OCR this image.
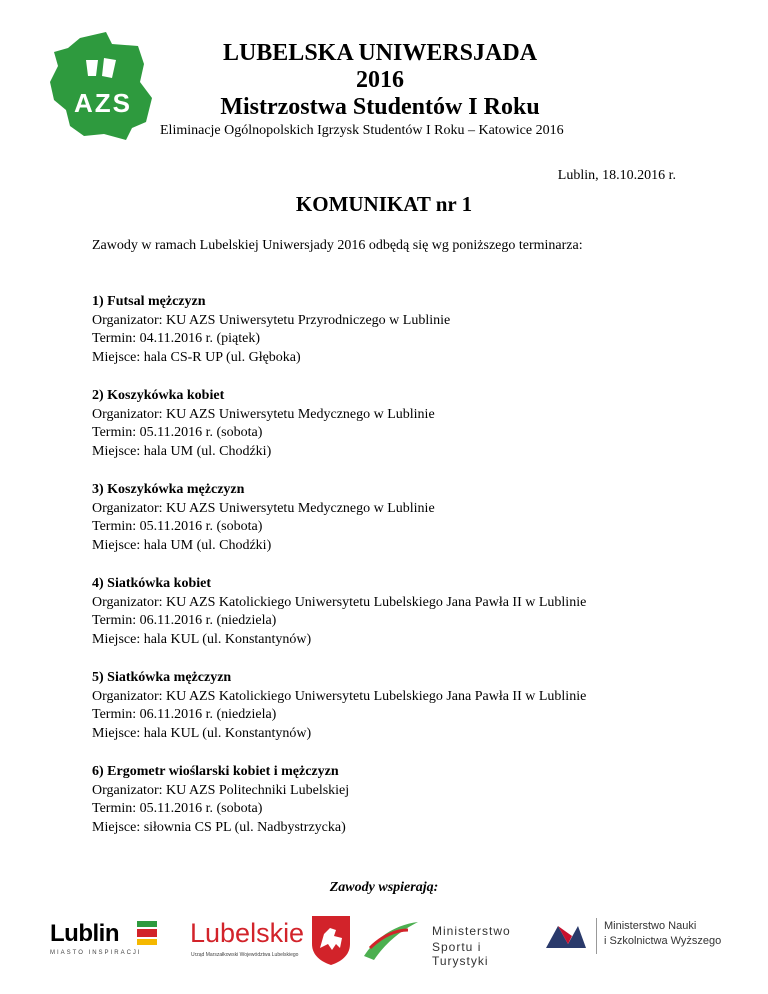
AZS
LUBELSKA UNIWERSJADA
2016
Mistrzostwa Studentów I Roku
Eliminacje Ogólnopolskich Igrzysk Studentów I Roku – Katowice 2016
Lublin, 18.10.2016 r.
KOMUNIKAT nr 1
Zawody w ramach Lubelskiej Uniwersjady 2016 odbędą się wg poniższego terminarza:
1) Futsal mężczyzn
Organizator: KU AZS Uniwersytetu Przyrodniczego w Lublinie
Termin: 04.11.2016 r. (piątek)
Miejsce: hala CS-R UP (ul. Głęboka)
2) Koszykówka kobiet
Organizator: KU AZS Uniwersytetu Medycznego w Lublinie
Termin: 05.11.2016 r. (sobota)
Miejsce: hala UM (ul. Chodźki)
3) Koszykówka mężczyzn
Organizator: KU AZS Uniwersytetu Medycznego w Lublinie
Termin: 05.11.2016 r. (sobota)
Miejsce: hala UM (ul. Chodźki)
4) Siatkówka kobiet
Organizator: KU AZS Katolickiego Uniwersytetu Lubelskiego Jana Pawła II w Lublinie
Termin: 06.11.2016 r. (niedziela)
Miejsce: hala KUL (ul. Konstantynów)
5) Siatkówka mężczyzn
Organizator: KU AZS Katolickiego Uniwersytetu Lubelskiego Jana Pawła II w Lublinie
Termin: 06.11.2016 r. (niedziela)
Miejsce: hala KUL (ul. Konstantynów)
6) Ergometr wioślarski kobiet i mężczyzn
Organizator: KU AZS Politechniki Lubelskiej
Termin: 05.11.2016 r. (sobota)
Miejsce: siłownia CS PL (ul. Nadbystrzycka)
Zawody wspierają:
Lublin
MIASTO INSPIRACJI
Lubelskie
Urząd Marszałkowski Województwa Lubelskiego
Ministerstwo
Sportu i Turystyki
Ministerstwo Nauki
i Szkolnictwa Wyższego
